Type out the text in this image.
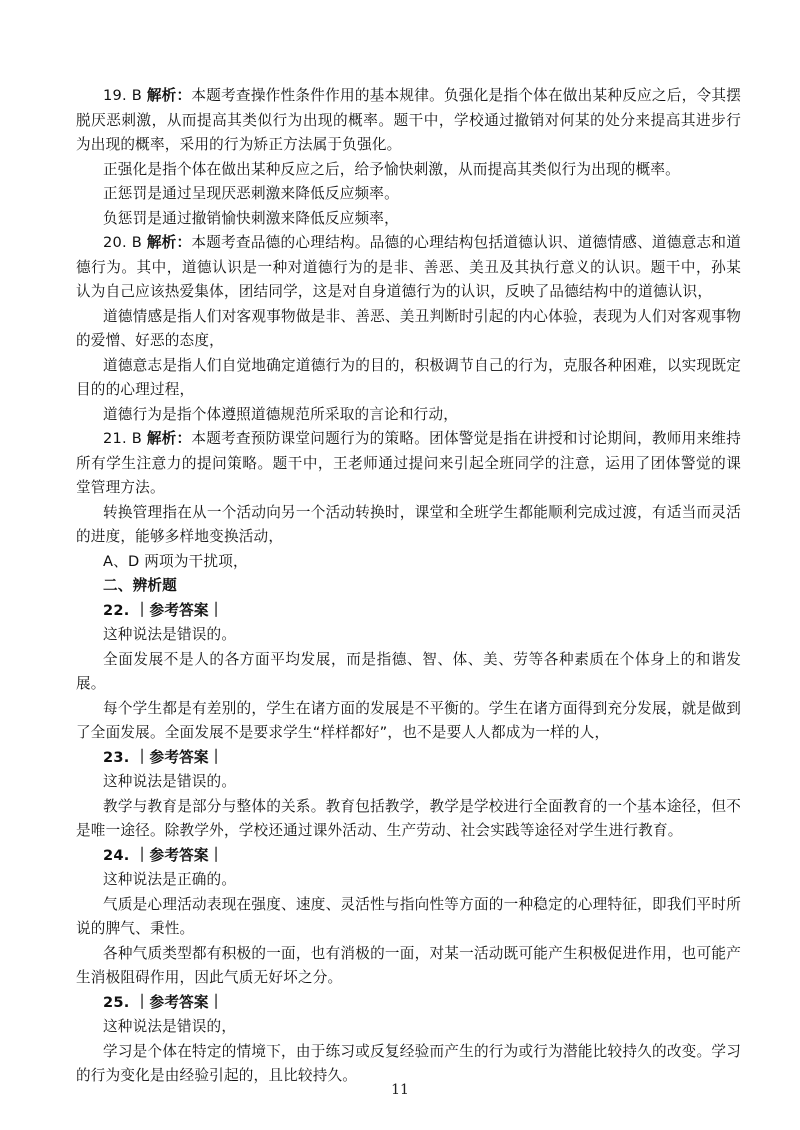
19. B 解析：本题考查操作性条件作用的基本规律。负强化是指个体在做出某种反应之后，令其摆脱厌恶刺激，从而提高其类似行为出现的概率。题干中，学校通过撤销对何某的处分来提高其进步行为出现的概率，采用的行为矫正方法属于负强化。

正强化是指个体在做出某种反应之后，给予愉快刺激，从而提高其类似行为出现的概率。

正惩罚是通过呈现厌恶刺激来降低反应频率。

负惩罚是通过撤销愉快刺激来降低反应频率，

20. B 解析：本题考查品德的心理结构。品德的心理结构包括道德认识、道德情感、道德意志和道德行为。其中，道德认识是一种对道德行为的是非、善恶、美丑及其执行意义的认识。题干中，孙某认为自己应该热爱集体，团结同学，这是对自身道德行为的认识，反映了品德结构中的道德认识，

道德情感是指人们对客观事物做是非、善恶、美丑判断时引起的内心体验，表现为人们对客观事物的爱憎、好恶的态度，

道德意志是指人们自觉地确定道德行为的目的，积极调节自己的行为，克服各种困难，以实现既定目的的心理过程，

道德行为是指个体遵照道德规范所采取的言论和行动，

21. B 解析：本题考查预防课堂问题行为的策略。团体警觉是指在讲授和讨论期间，教师用来维持所有学生注意力的提问策略。题干中，王老师通过提问来引起全班同学的注意，运用了团体警觉的课堂管理方法。

转换管理指在从一个活动向另一个活动转换时，课堂和全班学生都能顺利完成过渡，有适当而灵活的进度，能够多样地变换活动，

A、D 两项为干扰项，

二、辨析题

22. ｜参考答案｜

这种说法是错误的。

全面发展不是人的各方面平均发展，而是指德、智、体、美、劳等各种素质在个体身上的和谐发展。

每个学生都是有差别的，学生在诸方面的发展是不平衡的。学生在诸方面得到充分发展，就是做到了全面发展。全面发展不是要求学生“样样都好”，也不是要人人都成为一样的人，

23. ｜参考答案｜

这种说法是错误的。

教学与教育是部分与整体的关系。教育包括教学，教学是学校进行全面教育的一个基本途径，但不是唯一途径。除教学外，学校还通过课外活动、生产劳动、社会实践等途径对学生进行教育。

24. ｜参考答案｜

这种说法是正确的。

气质是心理活动表现在强度、速度、灵活性与指向性等方面的一种稳定的心理特征，即我们平时所说的脾气、秉性。

各种气质类型都有积极的一面，也有消极的一面，对某一活动既可能产生积极促进作用，也可能产生消极阻碍作用，因此气质无好坏之分。

25. ｜参考答案｜

这种说法是错误的，

学习是个体在特定的情境下，由于练习或反复经验而产生的行为或行为潜能比较持久的改变。学习的行为变化是由经验引起的，且比较持久。

11
